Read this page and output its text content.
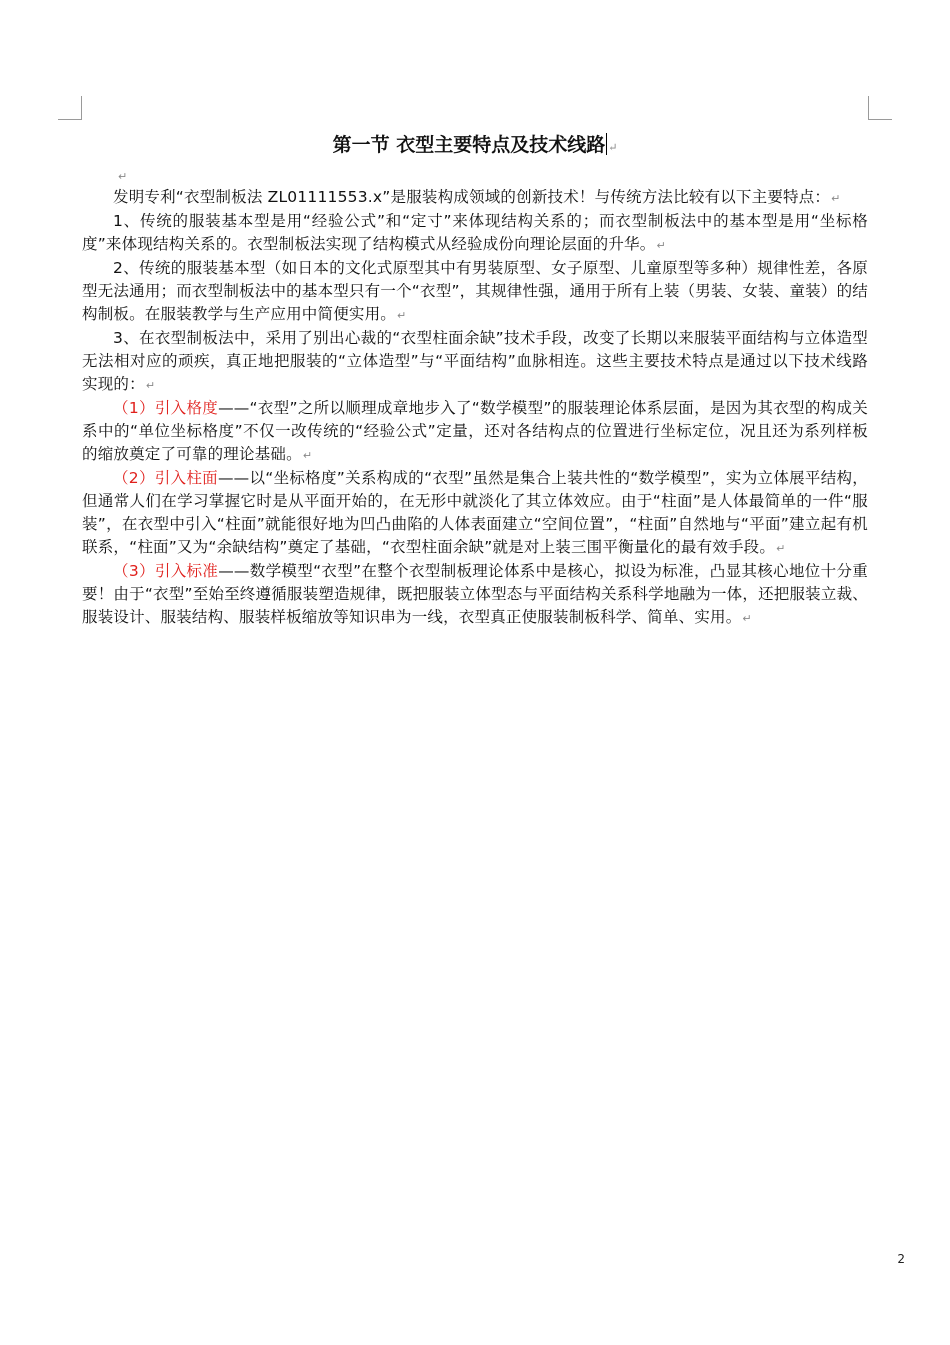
第一节 衣型主要特点及技术线路 ↵
↵

发明专利“衣型制板法 ZL01111553.x”是服装构成领域的创新技术！与传统方法比较有以下主要特点：↵

1、传统的服装基本型是用“经验公式”和“定寸”来体现结构关系的；而衣型制板法中的基本型是用“坐标格度”来体现结构关系的。衣型制板法实现了结构模式从经验成份向理论层面的升华。↵

2、传统的服装基本型（如日本的文化式原型其中有男装原型、女子原型、儿童原型等多种）规律性差，各原型无法通用；而衣型制板法中的基本型只有一个“衣型”，其规律性强，通用于所有上装（男装、女装、童装）的结构制板。在服装教学与生产应用中简便实用。↵

3、在衣型制板法中，采用了别出心裁的“衣型柱面余缺”技术手段，改变了长期以来服装平面结构与立体造型无法相对应的顽疾，真正地把服装的“立体造型”与“平面结构”血脉相连。这些主要技术特点是通过以下技术线路实现的：↵

（1）引入格度——“衣型”之所以顺理成章地步入了“数学模型”的服装理论体系层面，是因为其衣型的构成关系中的“单位坐标格度”不仅一改传统的“经验公式”定量，还对各结构点的位置进行坐标定位，况且还为系列样板的缩放奠定了可靠的理论基础。↵

（2）引入柱面——以“坐标格度”关系构成的“衣型”虽然是集合上装共性的“数学模型”，实为立体展平结构，但通常人们在学习掌握它时是从平面开始的，在无形中就淡化了其立体效应。由于“柱面”是人体最简单的一件“服装”，在衣型中引入“柱面”就能很好地为凹凸曲陷的人体表面建立“空间位置”，“柱面”自然地与“平面”建立起有机联系，“柱面”又为“余缺结构”奠定了基础，“衣型柱面余缺”就是对上装三围平衡量化的最有效手段。↵

（3）引入标准——数学模型“衣型”在整个衣型制板理论体系中是核心，拟设为标准，凸显其核心地位十分重要！由于“衣型”至始至终遵循服装塑造规律，既把服装立体型态与平面结构关系科学地融为一体，还把服装立裁、服装设计、服装结构、服装样板缩放等知识串为一线，衣型真正使服装制板科学、简单、实用。↵

2
